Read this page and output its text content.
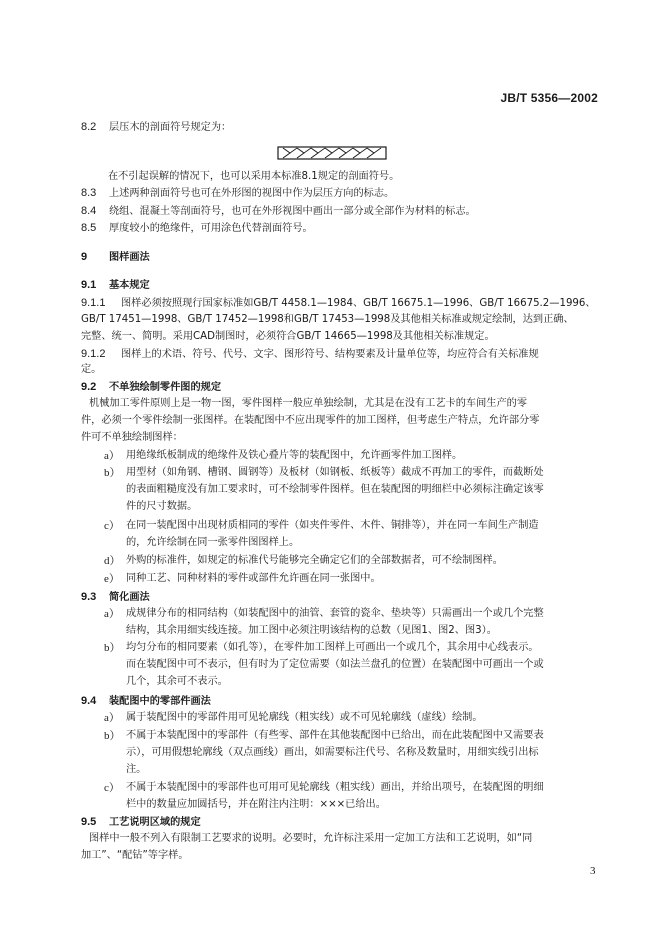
JB/T 5356—2002
8.2 层压木的剖面符号规定为：
在不引起误解的情况下，也可以采用本标准8.1规定的剖面符号。
8.3 上述两种剖面符号也可在外形图的视图中作为层压方向的标志。
8.4 绕组、混凝土等剖面符号，也可在外形视图中画出一部分或全部作为材料的标志。
8.5 厚度较小的绝缘件，可用涂色代替剖面符号。
9 图样画法
9.1 基本规定
9.1.1 图样必须按照现行国家标准如GB/T 4458.1—1984、GB/T 16675.1—1996、GB/T 16675.2—1996、
GB/T 17451—1998、GB/T 17452—1998和GB/T 17453—1998及其他相关标准或规定绘制，达到正确、
完整、统一、简明。采用CAD制图时，必须符合GB/T 14665—1998及其他相关标准规定。
9.1.2 图样上的术语、符号、代号、文字、图形符号、结构要素及计量单位等，均应符合有关标准规
定。
9.2 不单独绘制零件图的规定
机械加工零件原则上是一物一图，零件图样一般应单独绘制，尤其是在没有工艺卡的车间生产的零
件，必须一个零件绘制一张图样。在装配图中不应出现零件的加工图样，但考虑生产特点，允许部分零
件可不单独绘制图样：
a） 用绝缘纸板制成的绝缘件及铁心叠片等的装配图中，允许画零件加工图样。
b） 用型材（如角钢、槽钢、圆钢等）及板材（如钢板、纸板等）截成不再加工的零件，而截断处
的表面粗糙度没有加工要求时，可不绘制零件图样。但在装配图的明细栏中必须标注确定该零
件的尺寸数据。
c） 在同一装配图中出现材质相同的零件（如夹件零件、木件、铜排等），并在同一车间生产制造
的，允许绘制在同一张零件图图样上。
d） 外购的标准件，如规定的标准代号能够完全确定它们的全部数据者，可不绘制图样。
e） 同种工艺、同种材料的零件或部件允许画在同一张图中。
9.3 简化画法
a） 成规律分布的相同结构（如装配图中的油管、套管的瓷伞、垫块等）只需画出一个或几个完整
结构，其余用细实线连接。加工图中必须注明该结构的总数（见图1、图2、图3）。
b） 均匀分布的相同要素（如孔等），在零件加工图样上可画出一个或几个，其余用中心线表示。
而在装配图中可不表示，但有时为了定位需要（如法兰盘孔的位置）在装配图中可画出一个或
几个，其余可不表示。
9.4 装配图中的零部件画法
a） 属于装配图中的零部件用可见轮廓线（粗实线）或不可见轮廓线（虚线）绘制。
b） 不属于本装配图中的零部件（有些零、部件在其他装配图中已给出，而在此装配图中又需要表
示），可用假想轮廓线（双点画线）画出，如需要标注代号、名称及数量时，用细实线引出标
注。
c） 不属于本装配图中的零部件也可用可见轮廓线（粗实线）画出，并给出项号，在装配图的明细
栏中的数量应加圆括号，并在附注内注明：×××已给出。
9.5 工艺说明区域的规定
图样中一般不列入有限制工艺要求的说明。必要时，允许标注采用一定加工方法和工艺说明，如“同
加工”、“配钻”等字样。
3
